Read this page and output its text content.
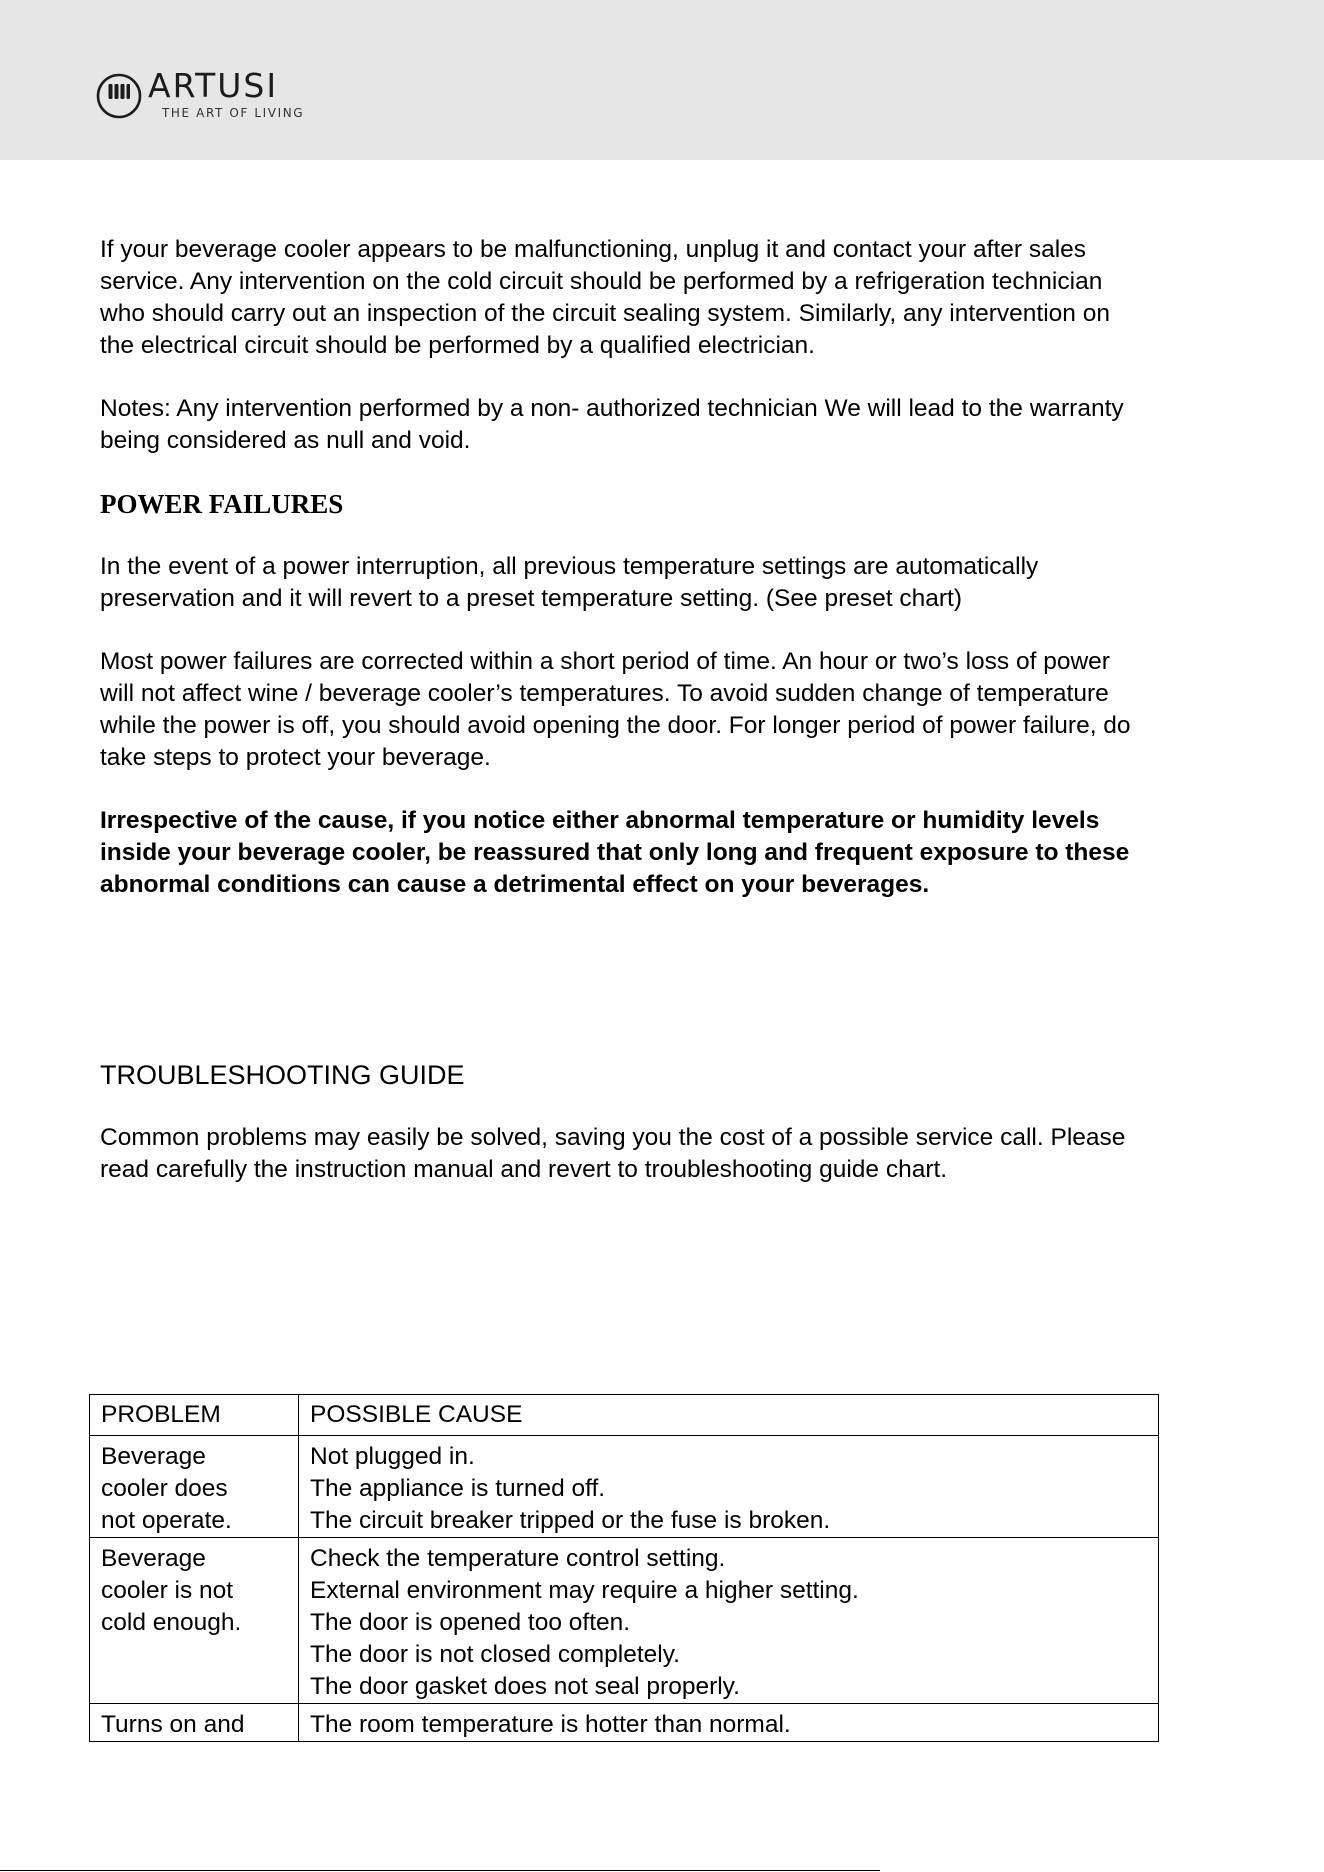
ARTUSI
THE ART OF LIVING

If your beverage cooler appears to be malfunctioning, unplug it and contact your after sales service. Any intervention on the cold circuit should be performed by a refrigeration technician who should carry out an inspection of the circuit sealing system. Similarly, any intervention on the electrical circuit should be performed by a qualified electrician.

Notes: Any intervention performed by a non- authorized technician We will lead to the warranty being considered as null and void.

POWER FAILURES

In the event of a power interruption, all previous temperature settings are automatically preservation and it will revert to a preset temperature setting. (See preset chart)

Most power failures are corrected within a short period of time. An hour or two’s loss of power will not affect wine / beverage cooler’s temperatures. To avoid sudden change of temperature while the power is off, you should avoid opening the door. For longer period of power failure, do take steps to protect your beverage.

Irrespective of the cause, if you notice either abnormal temperature or humidity levels inside your beverage cooler, be reassured that only long and frequent exposure to these abnormal conditions can cause a detrimental effect on your beverages.

TROUBLESHOOTING GUIDE

Common problems may easily be solved, saving you the cost of a possible service call. Please read carefully the instruction manual and revert to troubleshooting guide chart.

PROBLEM	POSSIBLE CAUSE

Beverage
cooler does
not operate.	Not plugged in.
The appliance is turned off.
The circuit breaker tripped or the fuse is broken.

Beverage
cooler is not
cold enough.	Check the temperature control setting.
External environment may require a higher setting.
The door is opened too often.
The door is not closed completely.
The door gasket does not seal properly.

Turns on and	The room temperature is hotter than normal.
